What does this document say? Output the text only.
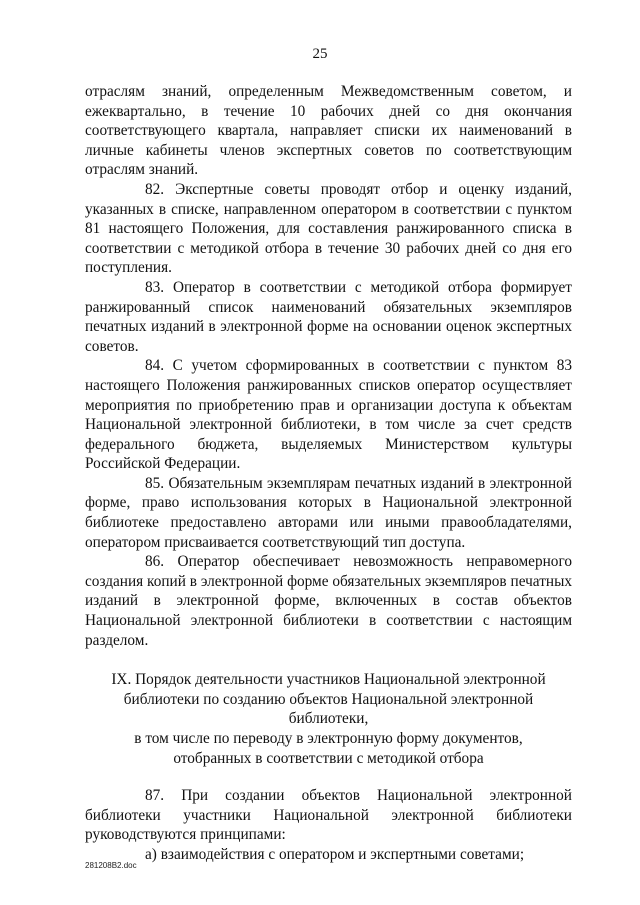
25

отраслям знаний, определенным Межведомственным советом, и ежеквартально, в течение 10 рабочих дней со дня окончания соответствующего квартала, направляет списки их наименований в личные кабинеты членов экспертных советов по соответствующим отраслям знаний.

82. Экспертные советы проводят отбор и оценку изданий, указанных в списке, направленном оператором в соответствии с пунктом 81 настоящего Положения, для составления ранжированного списка в соответствии с методикой отбора в течение 30 рабочих дней со дня его поступления.

83. Оператор в соответствии с методикой отбора формирует ранжированный список наименований обязательных экземпляров печатных изданий в электронной форме на основании оценок экспертных советов.

84. С учетом сформированных в соответствии с пунктом 83 настоящего Положения ранжированных списков оператор осуществляет мероприятия по приобретению прав и организации доступа к объектам Национальной электронной библиотеки, в том числе за счет средств федерального бюджета, выделяемых Министерством культуры Российской Федерации.

85. Обязательным экземплярам печатных изданий в электронной форме, право использования которых в Национальной электронной библиотеке предоставлено авторами или иными правообладателями, оператором присваивается соответствующий тип доступа.

86. Оператор обеспечивает невозможность неправомерного создания копий в электронной форме обязательных экземпляров печатных изданий в электронной форме, включенных в состав объектов Национальной электронной библиотеки в соответствии с настоящим разделом.

IX. Порядок деятельности участников Национальной электронной
библиотеки по созданию объектов Национальной электронной библиотеки,
в том числе по переводу в электронную форму документов,
отобранных в соответствии с методикой отбора

87. При создании объектов Национальной электронной библиотеки участники Национальной электронной библиотеки руководствуются принципами:

а) взаимодействия с оператором и экспертными советами;

281208В2.doc
